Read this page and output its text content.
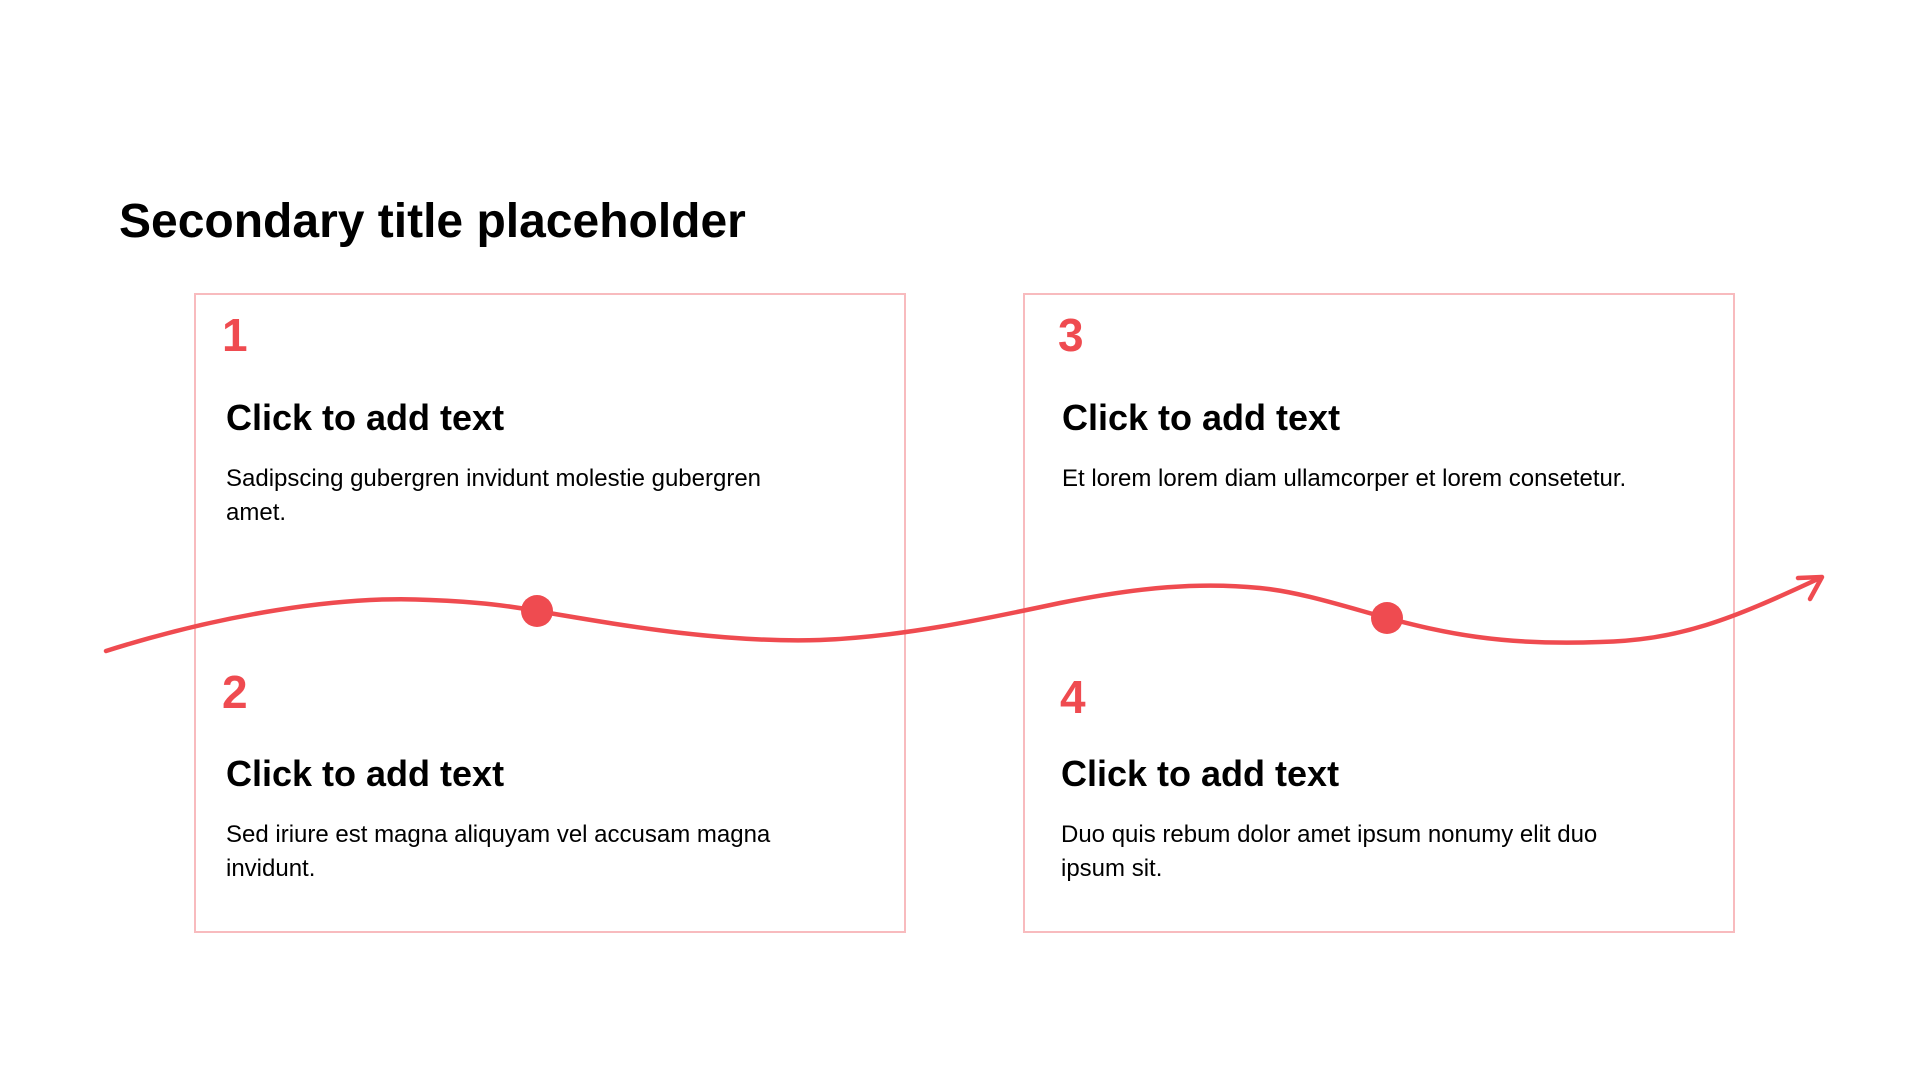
Secondary title placeholder

1

Click to add text

Sadipscing gubergren invidunt molestie gubergren amet.

2

Click to add text

Sed iriure est magna aliquyam vel accusam magna invidunt.

3

Click to add text

Et lorem lorem diam ullamcorper et lorem consetetur.

4

Click to add text

Duo quis rebum dolor amet ipsum nonumy elit duo ipsum sit.
